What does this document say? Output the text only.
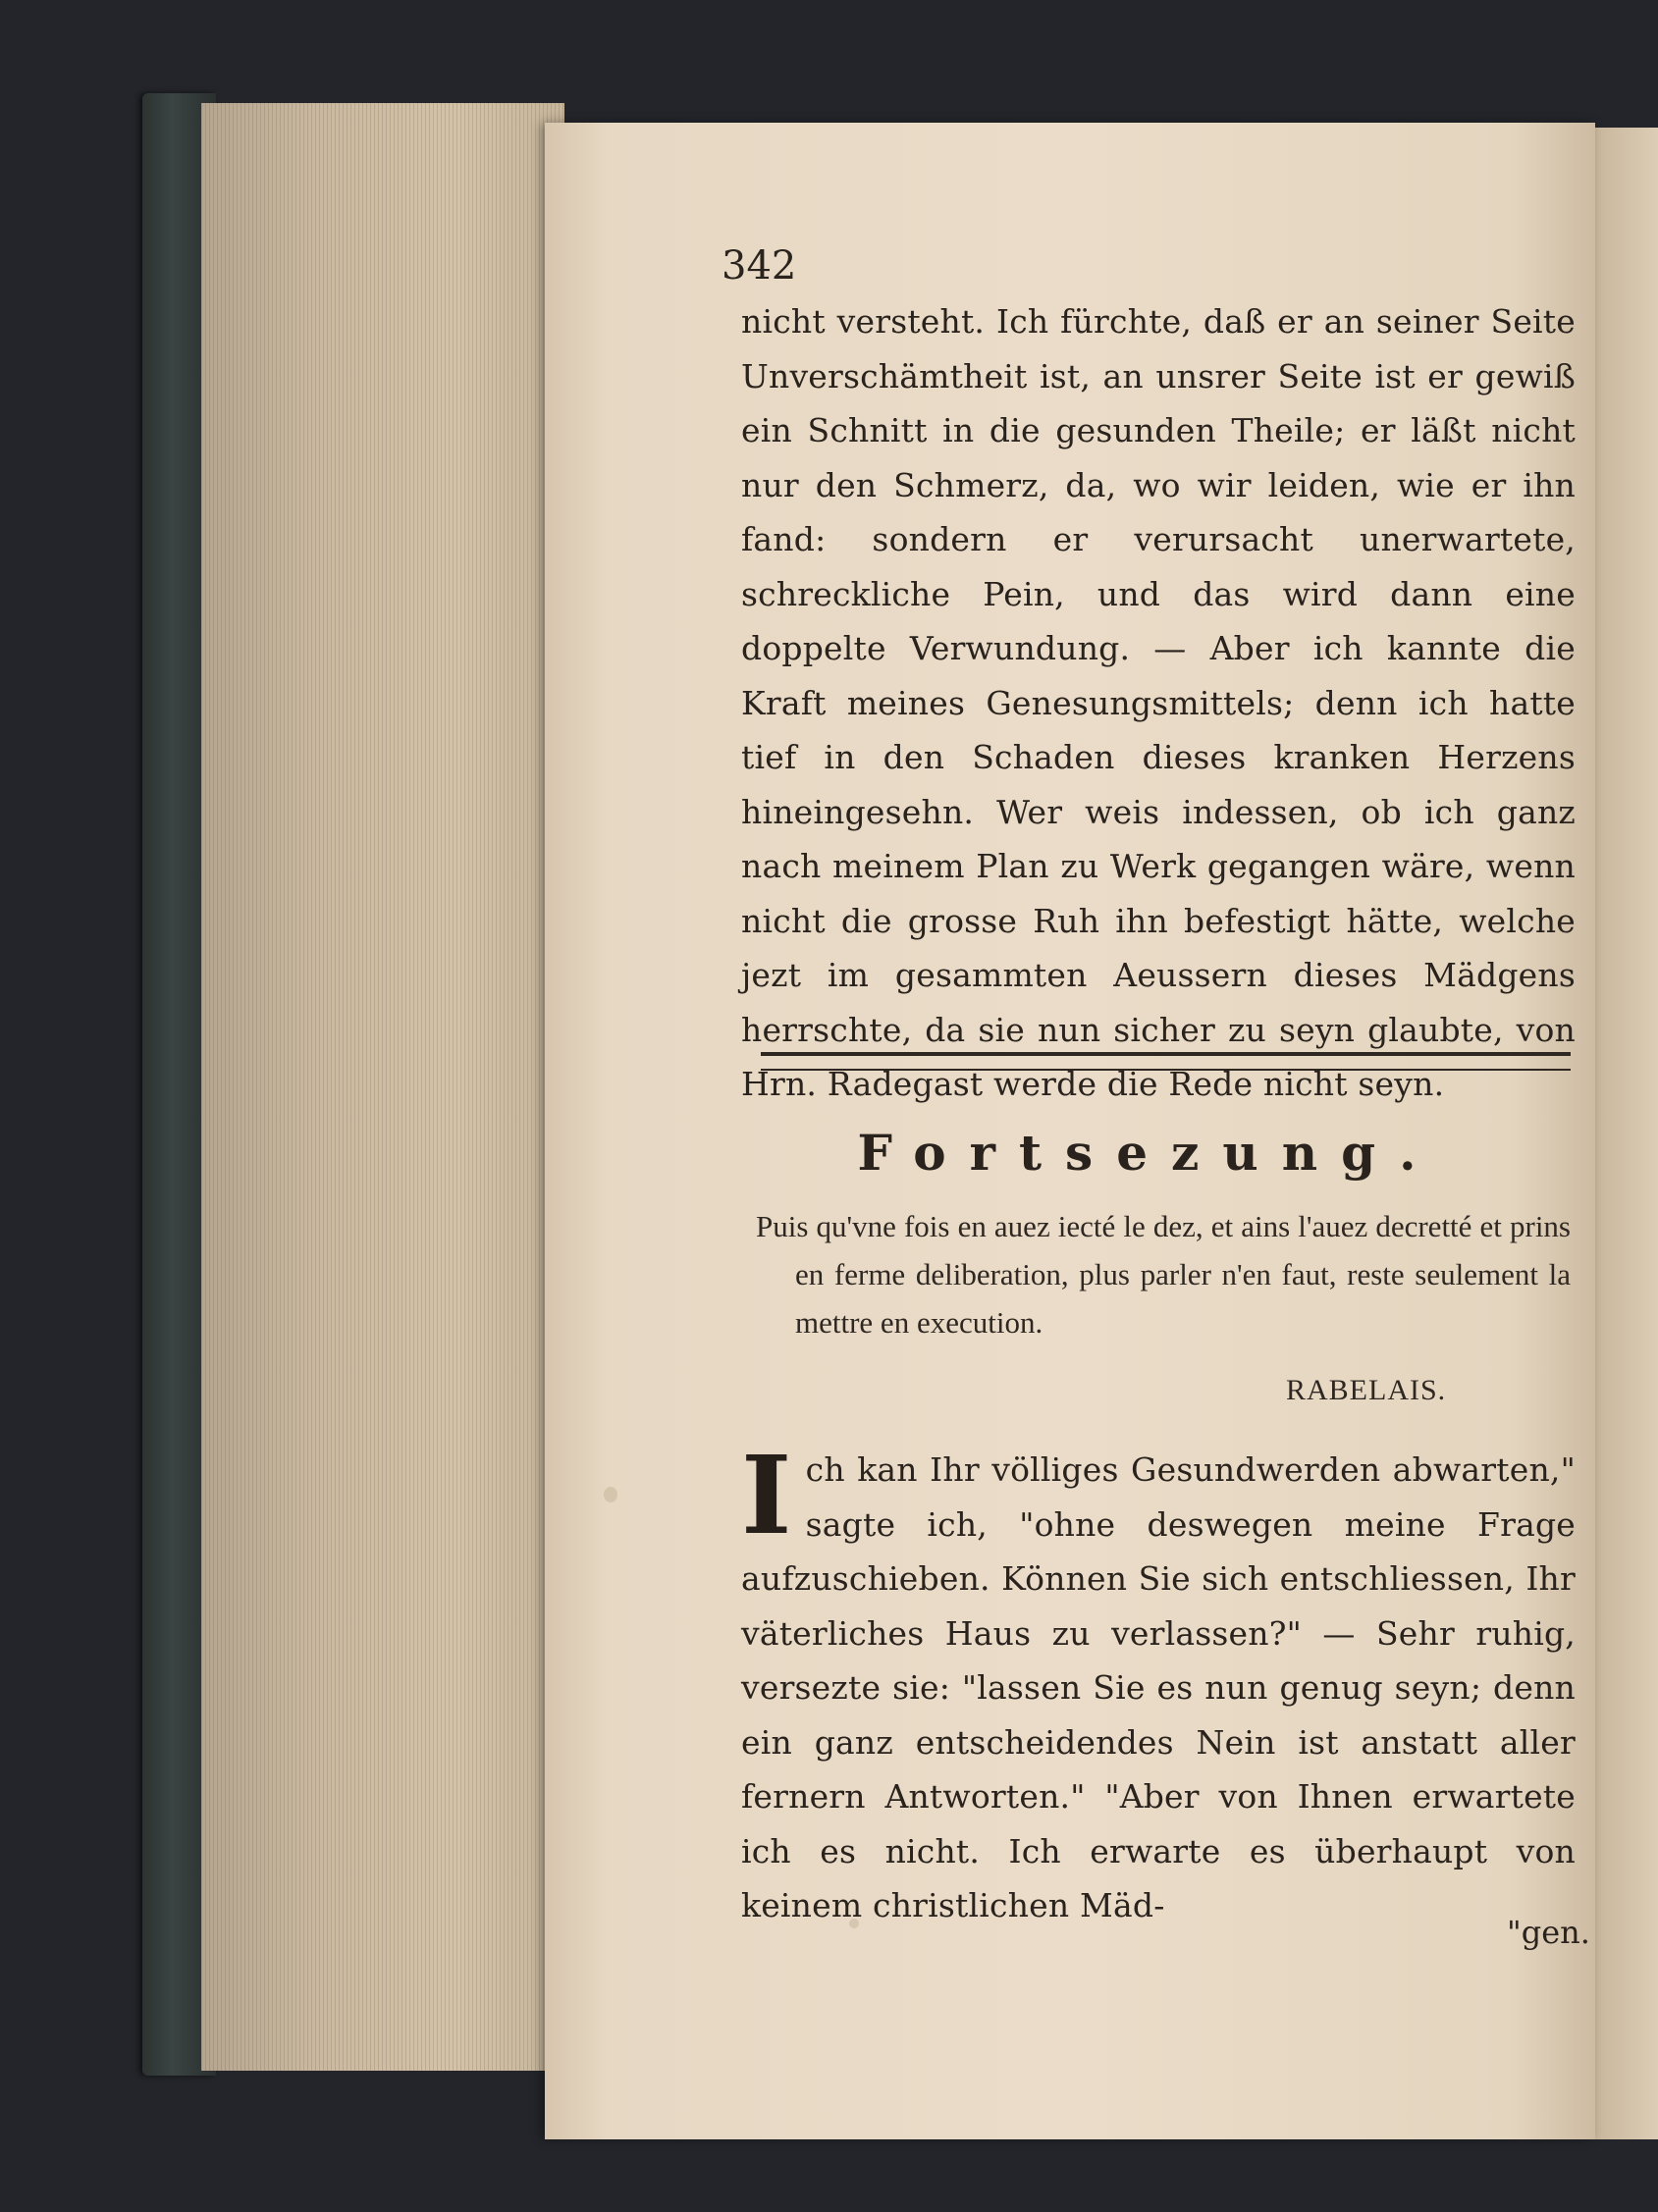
342

nicht versteht. Ich fürchte, daß er an seiner Seite Unverschämtheit ist, an unsrer Seite ist er gewiß ein Schnitt in die gesunden Theile; er läßt nicht nur den Schmerz, da, wo wir leiden, wie er ihn fand: sondern er verursacht unerwartete, schreckliche Pein, und das wird dann eine doppelte Verwundung. — Aber ich kannte die Kraft meines Genesungsmittels; denn ich hatte tief in den Schaden dieses kranken Herzens hineingesehn. Wer weis indessen, ob ich ganz nach meinem Plan zu Werk gegangen wäre, wenn nicht die grosse Ruh ihn befestigt hätte, welche jezt im gesammten Aeussern dieses Mädgens herrschte, da sie nun sicher zu seyn glaubte, von Hrn. Radegast werde die Rede nicht seyn.

Fortsezung.

Puis qu'vne fois en auez iecté le dez, et ains l'auez decretté et prins en ferme deliberation, plus parler n'en faut, reste seulement la mettre en execution.

RABELAIS.

Ich kan Ihr völliges Gesundwerden abwarten," sagte ich, "ohne deswegen meine Frage aufzuschieben. Können Sie sich entschliessen, Ihr väterliches Haus zu verlassen?" — Sehr ruhig, versezte sie: "lassen Sie es nun genug seyn; denn ein ganz entscheidendes Nein ist anstatt aller fernern Antworten." "Aber von Ihnen erwartete ich es nicht. Ich erwarte es überhaupt von keinem christlichen Mäd-

"gen.
